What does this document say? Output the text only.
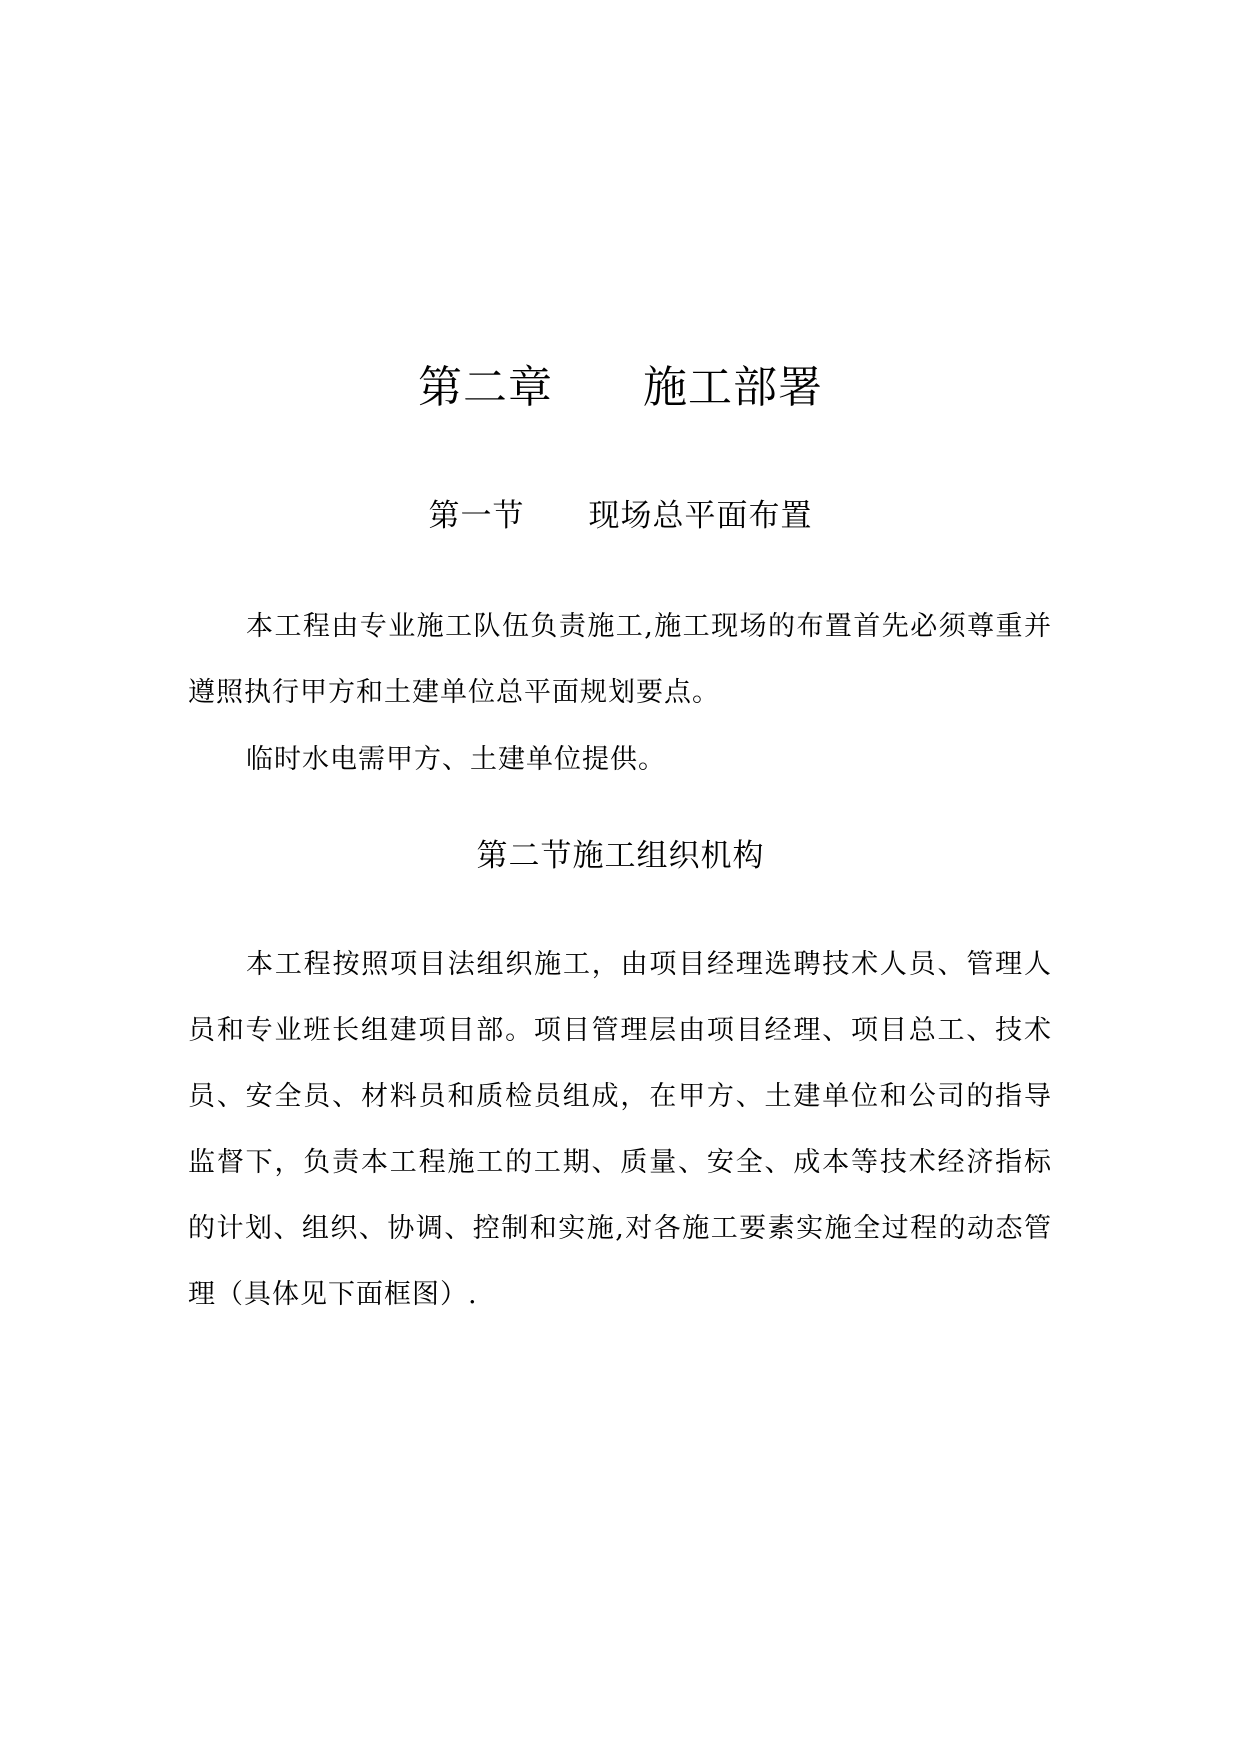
第二章　　施工部署
第一节　　现场总平面布置

本工程由专业施工队伍负责施工,施工现场的布置首先必须尊重并遵照执行甲方和土建单位总平面规划要点。

临时水电需甲方、土建单位提供。

第二节施工组织机构

本工程按照项目法组织施工，由项目经理选聘技术人员、管理人员和专业班长组建项目部。项目管理层由项目经理、项目总工、技术员、安全员、材料员和质检员组成，在甲方、土建单位和公司的指导监督下，负责本工程施工的工期、质量、安全、成本等技术经济指标的计划、组织、协调、控制和实施,对各施工要素实施全过程的动态管理（具体见下面框图）.
